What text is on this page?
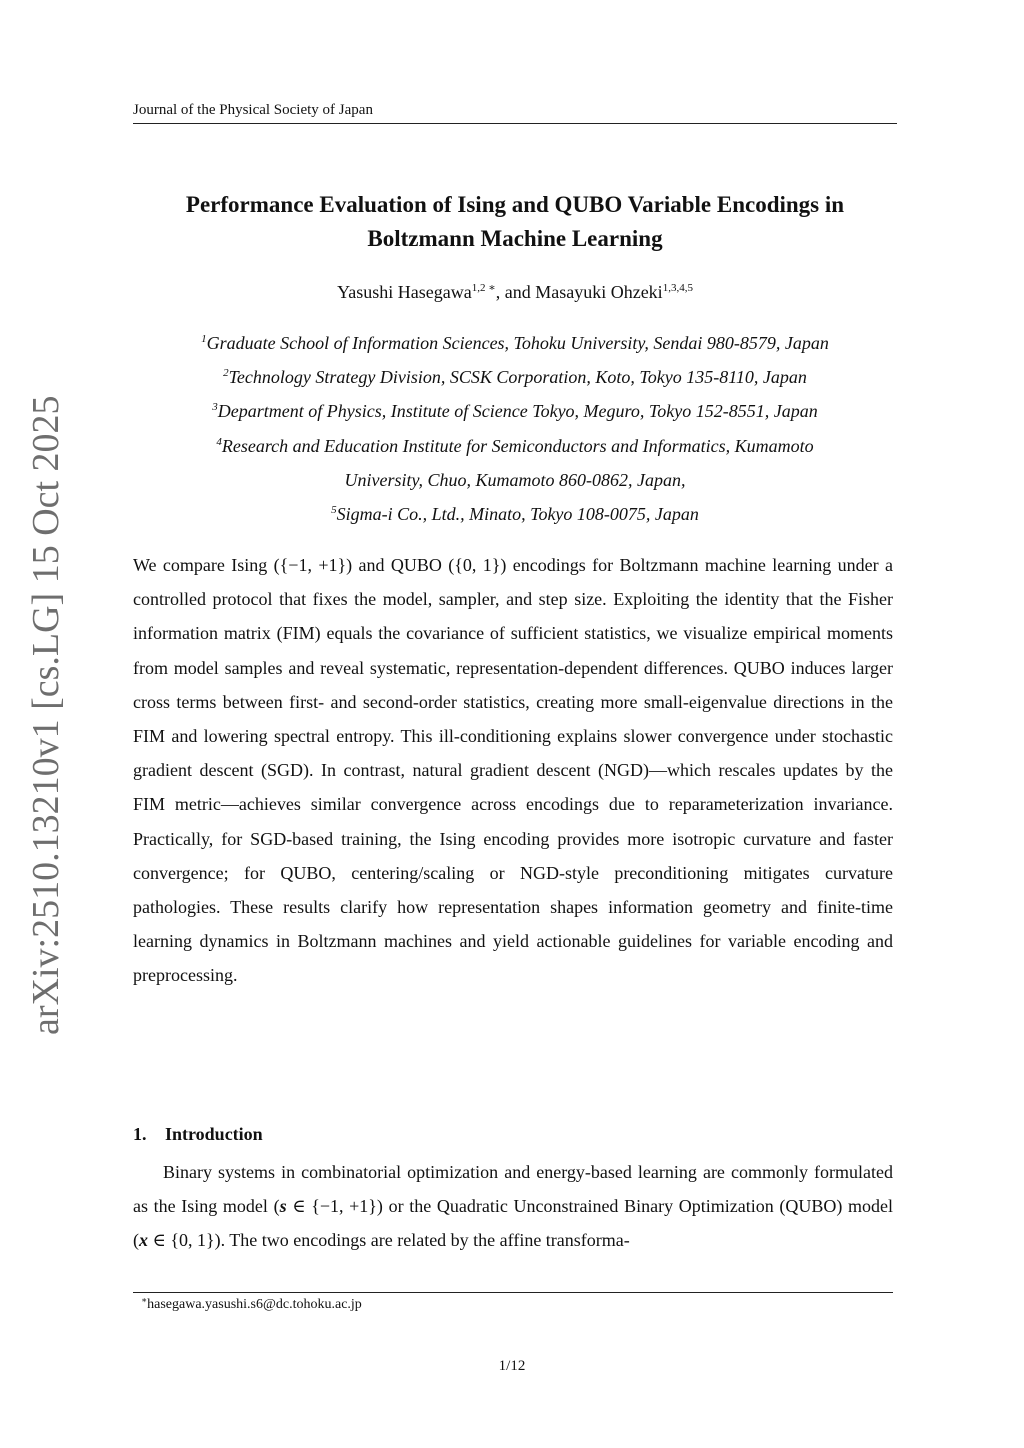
Journal of the Physical Society of Japan
arXiv:2510.13210v1 [cs.LG] 15 Oct 2025
Performance Evaluation of Ising and QUBO Variable Encodings in
Boltzmann Machine Learning
Yasushi Hasegawa$^{1,2 ∗}$, and Masayuki Ohzeki$^{1,3,4,5}$
$^1$Graduate School of Information Sciences, Tohoku University, Sendai 980-8579, Japan
$^2$Technology Strategy Division, SCSK Corporation, Koto, Tokyo 135-8110, Japan
$^3$Department of Physics, Institute of Science Tokyo, Meguro, Tokyo 152-8551, Japan
$^4$Research and Education Institute for Semiconductors and Informatics, Kumamoto
University, Chuo, Kumamoto 860-0862, Japan,
$^5$Sigma-i Co., Ltd., Minato, Tokyo 108-0075, Japan

We compare Ising ({−1, +1}) and QUBO ({0, 1}) encodings for Boltzmann machine learning under a controlled protocol that fixes the model, sampler, and step size. Exploiting the identity that the Fisher information matrix (FIM) equals the covariance of sufficient statistics, we visualize empirical moments from model samples and reveal systematic, representation-dependent differences. QUBO induces larger cross terms between first- and second-order statistics, creating more small-eigenvalue directions in the FIM and lowering spectral entropy. This ill-conditioning explains slower convergence under stochastic gradient descent (SGD). In contrast, natural gradient descent (NGD)—which rescales updates by the FIM metric—achieves similar convergence across encodings due to reparameterization invariance. Practically, for SGD-based training, the Ising encoding provides more isotropic curvature and faster convergence; for QUBO, centering/scaling or NGD-style preconditioning mitigates curvature pathologies. These results clarify how representation shapes information geometry and finite-time learning dynamics in Boltzmann machines and yield actionable guidelines for variable encoding and preprocessing.

1. Introduction

Binary systems in combinatorial optimization and energy-based learning are commonly formulated as the Ising model (s ∈ {−1, +1}) or the Quadratic Unconstrained Binary Optimization (QUBO) model (x ∈ {0, 1}). The two encodings are related by the affine transforma-

∗hasegawa.yasushi.s6@dc.tohoku.ac.jp
1/12
